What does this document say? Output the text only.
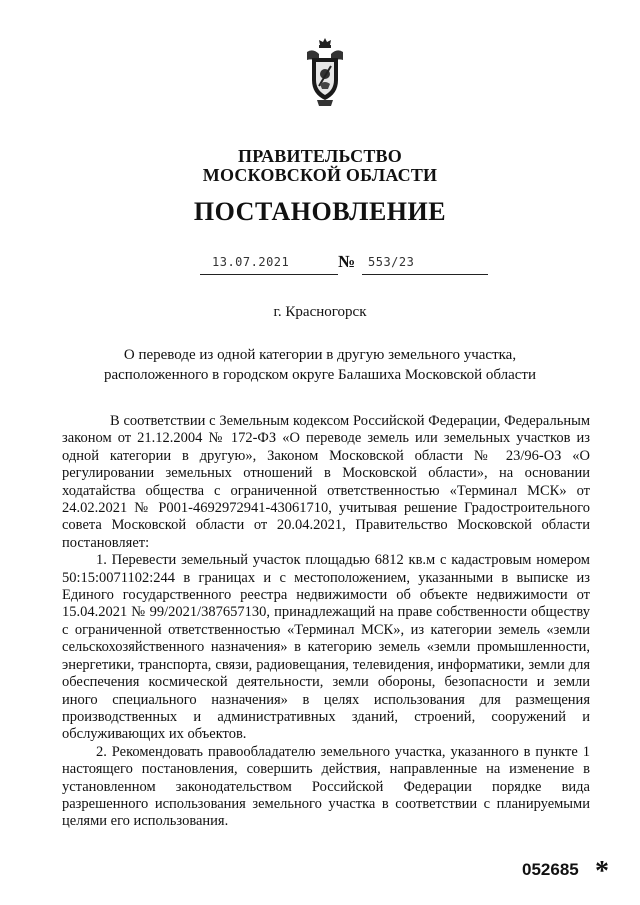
ПРАВИТЕЛЬСТВО
МОСКОВСКОЙ ОБЛАСТИ
ПОСТАНОВЛЕНИЕ
13.07.2021	№ 553/23
г. Красногорск
О переводе из одной категории в другую земельного участка,
расположенного в городском округе Балашиха Московской области

В соответствии с Земельным кодексом Российской Федерации, Федеральным законом от 21.12.2004 № 172-ФЗ «О переводе земель или земельных участков из одной категории в другую», Законом Московской области № 23/96-ОЗ «О регулировании земельных отношений в Московской области», на основании ходатайства общества с ограниченной ответственностью «Терминал МСК» от 24.02.2021 № Р001-4692972941-43061710, учитывая решение Градостроительного совета Московской области от 20.04.2021, Правительство Московской области постановляет:

1. Перевести земельный участок площадью 6812 кв.м с кадастровым номером 50:15:0071102:244 в границах и с местоположением, указанными в выписке из Единого государственного реестра недвижимости об объекте недвижимости от 15.04.2021 № 99/2021/387657130, принадлежащий на праве собственности обществу с ограниченной ответственностью «Терминал МСК», из категории земель «земли сельскохозяйственного назначения» в категорию земель «земли промышленности, энергетики, транспорта, связи, радиовещания, телевидения, информатики, земли для обеспечения космической деятельности, земли обороны, безопасности и земли иного специального назначения» в целях использования для размещения производственных и административных зданий, строений, сооружений и обслуживающих их объектов.

2. Рекомендовать правообладателю земельного участка, указанного в пункте 1 настоящего постановления, совершить действия, направленные на изменение в установленном законодательством Российской Федерации порядке вида разрешенного использования земельного участка в соответствии с планируемыми целями его использования.

052685 *
